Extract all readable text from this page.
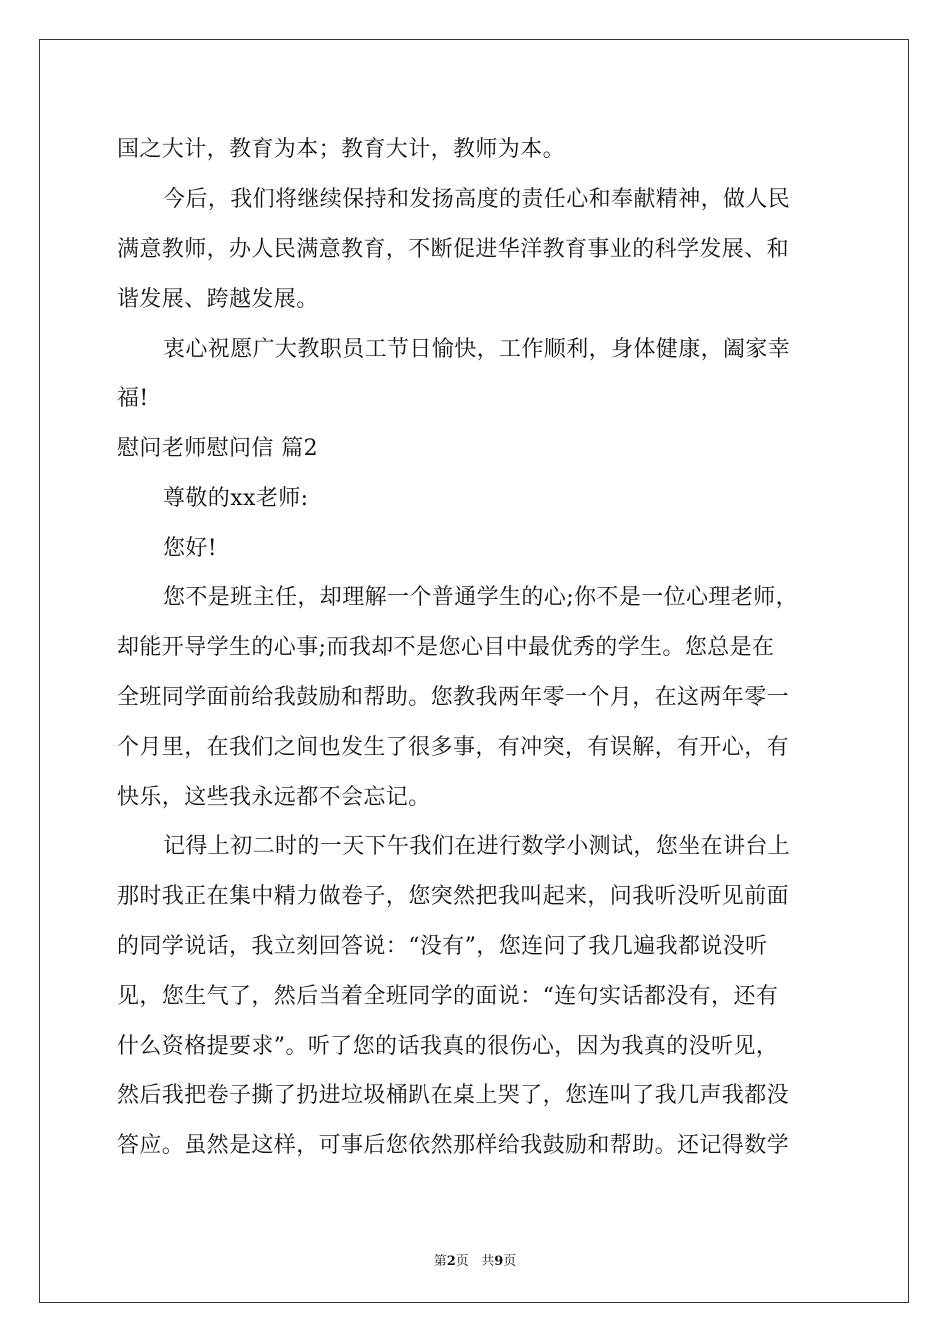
国之大计，教育为本；教育大计，教师为本。
今后，我们将继续保持和发扬高度的责任心和奉献精神，做人民
满意教师，办人民满意教育，不断促进华洋教育事业的科学发展、和
谐发展、跨越发展。
衷心祝愿广大教职员工节日愉快，工作顺利，身体健康，阖家幸
福!
慰问老师慰问信 篇2
尊敬的xx老师:
您好!
您不是班主任，却理解一个普通学生的心;你不是一位心理老师，
却能开导学生的心事;而我却不是您心目中最优秀的学生。您总是在
全班同学面前给我鼓励和帮助。您教我两年零一个月，在这两年零一
个月里，在我们之间也发生了很多事，有冲突，有误解，有开心，有
快乐，这些我永远都不会忘记。
记得上初二时的一天下午我们在进行数学小测试，您坐在讲台上
那时我正在集中精力做卷子，您突然把我叫起来，问我听没听见前面
的同学说话，我立刻回答说：“没有”，您连问了我几遍我都说没听
见，您生气了，然后当着全班同学的面说：“连句实话都没有，还有
什么资格提要求”。听了您的话我真的很伤心，因为我真的没听见，
然后我把卷子撕了扔进垃圾桶趴在桌上哭了，您连叫了我几声我都没
答应。虽然是这样，可事后您依然那样给我鼓励和帮助。还记得数学
第2页 共9页
